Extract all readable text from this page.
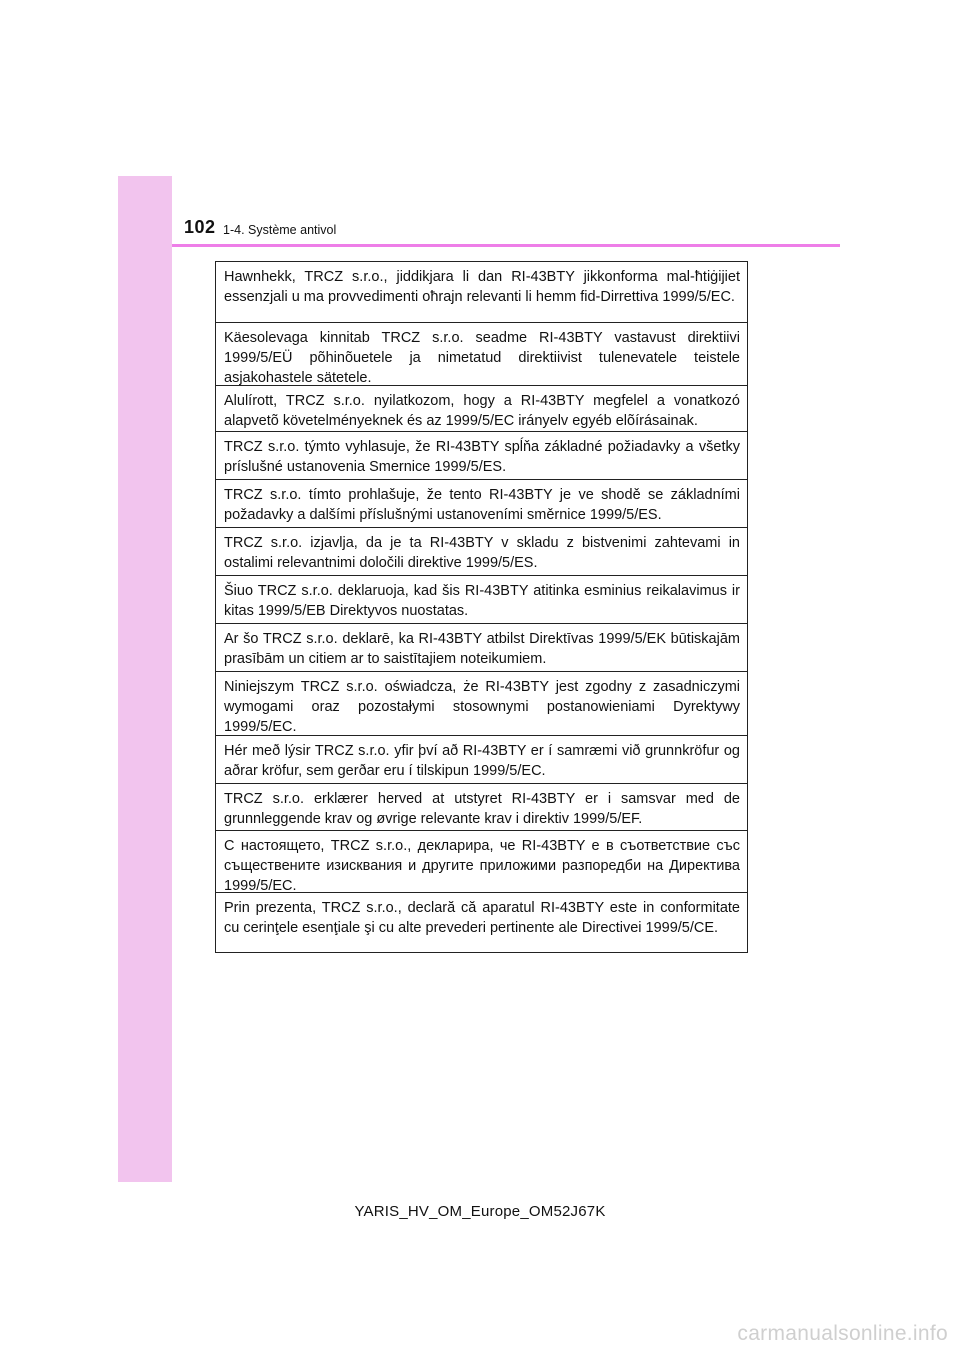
102 1-4. Système antivol
Hawnhekk, TRCZ s.r.o., jiddikjara li dan RI-43BTY jikkonforma mal-ħtiġijiet essenzjali u ma provvedimenti oħrajn relevanti li hemm fid-Dirrettiva 1999/5/EC.
Käesolevaga kinnitab TRCZ s.r.o. seadme RI-43BTY vastavust direktiivi 1999/5/EÜ põhinõuetele ja nimetatud direktiivist tulenevatele teistele asjakohastele sätetele.
Alulírott, TRCZ s.r.o. nyilatkozom, hogy a RI-43BTY megfelel a vonatkozó alapvetõ követelményeknek és az 1999/5/EC irányelv egyéb elõírásainak.
TRCZ s.r.o. týmto vyhlasuje, že RI-43BTY spĺňa základné požiadavky a všetky príslušné ustanovenia Smernice 1999/5/ES.
TRCZ s.r.o. tímto prohlašuje, že tento RI-43BTY je ve shodě se základními požadavky a dalšími příslušnými ustanoveními směrnice 1999/5/ES.
TRCZ s.r.o. izjavlja, da je ta RI-43BTY v skladu z bistvenimi zahtevami in ostalimi relevantnimi določili direktive 1999/5/ES.
Šiuo TRCZ s.r.o. deklaruoja, kad šis RI-43BTY atitinka esminius reikalavimus ir kitas 1999/5/EB Direktyvos nuostatas.
Ar šo TRCZ s.r.o. deklarē, ka RI-43BTY atbilst Direktīvas 1999/5/EK būtiskajām prasībām un citiem ar to saistītajiem noteikumiem.
Niniejszym TRCZ s.r.o. oświadcza, że RI-43BTY jest zgodny z zasadniczymi wymogami oraz pozostałymi stosownymi postanowieniami Dyrektywy 1999/5/EC.
Hér með lýsir TRCZ s.r.o. yfir því að RI-43BTY er í samræmi við grunnkröfur og aðrar kröfur, sem gerðar eru í tilskipun 1999/5/EC.
TRCZ s.r.o. erklærer herved at utstyret RI-43BTY er i samsvar med de grunnleggende krav og øvrige relevante krav i direktiv 1999/5/EF.
С настоящето, TRCZ s.r.o., декларира, че RI-43BTY е в съответствие със съществените изисквания и другите приложими разпоредби на Директива 1999/5/ЕС.
Prin prezenta, TRCZ s.r.o., declară că aparatul RI-43BTY este in conformitate cu cerinţele esenţiale şi cu alte prevederi pertinente ale Directivei 1999/5/CE.
YARIS_HV_OM_Europe_OM52J67K
carmanualsonline.info
